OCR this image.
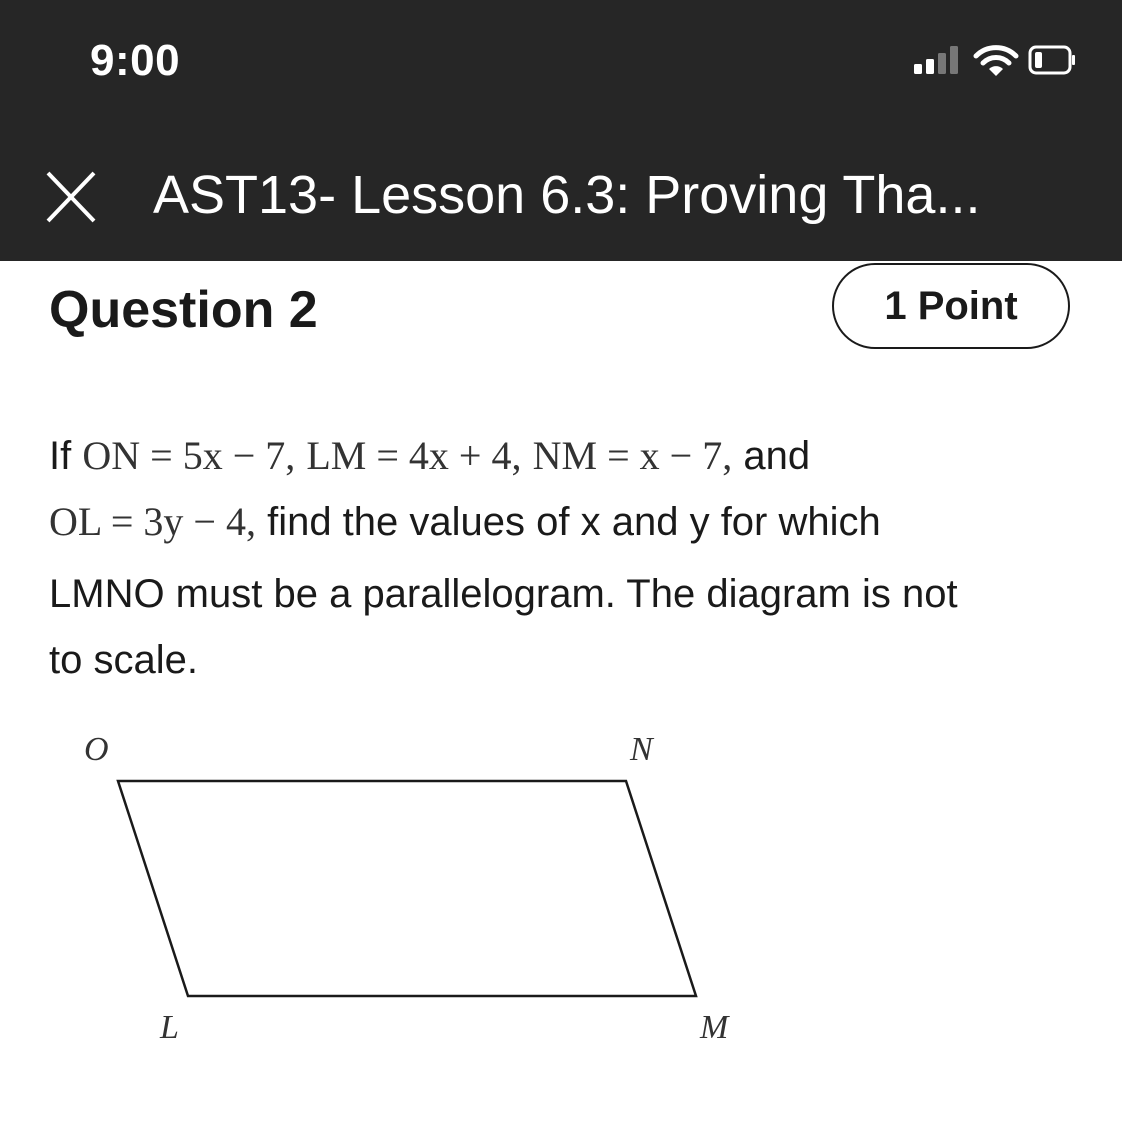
9:00
AST13- Lesson 6.3: Proving Tha...
Question 2	1 Point
If ON = 5x − 7, LM = 4x + 4, NM = x − 7, and
OL = 3y − 4, find the values of x and y for which
LMNO must be a parallelogram. The diagram is not
to scale.
O	N
L	M
